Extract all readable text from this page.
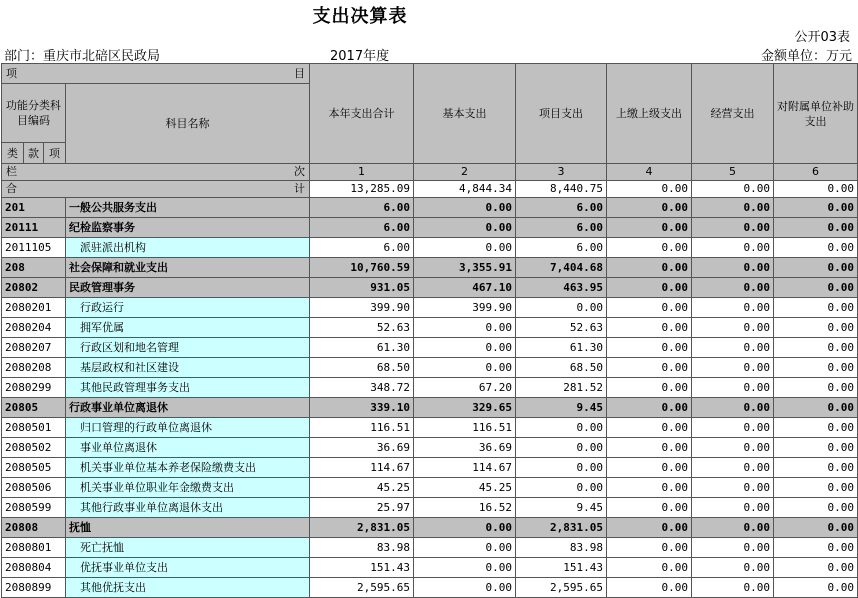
支出决算表
公开03表
部门：重庆市北碚区民政局	2017年度	金额单位：万元
项 目				本年支出合计	基本支出	项目支出	上缴上级支出	经营支出	对附属单位补助支出
功能分类科目编码			科目名称						

类	款	项							

栏 次				1	2	3	4	5	6

合 计				13,285.09	4,844.34	8,440.75	0.00	0.00	0.00
201			一般公共服务支出	6.00	0.00	6.00	0.00	0.00	0.00
20111			纪检监察事务	6.00	0.00	6.00	0.00	0.00	0.00
2011105			派驻派出机构	6.00	0.00	6.00	0.00	0.00	0.00
208			社会保障和就业支出	10,760.59	3,355.91	7,404.68	0.00	0.00	0.00
20802			民政管理事务	931.05	467.10	463.95	0.00	0.00	0.00
2080201			行政运行	399.90	399.90	0.00	0.00	0.00	0.00
2080204			拥军优属	52.63	0.00	52.63	0.00	0.00	0.00
2080207			行政区划和地名管理	61.30	0.00	61.30	0.00	0.00	0.00
2080208			基层政权和社区建设	68.50	0.00	68.50	0.00	0.00	0.00
2080299			其他民政管理事务支出	348.72	67.20	281.52	0.00	0.00	0.00
20805			行政事业单位离退休	339.10	329.65	9.45	0.00	0.00	0.00
2080501			归口管理的行政单位离退休	116.51	116.51	0.00	0.00	0.00	0.00
2080502			事业单位离退休	36.69	36.69	0.00	0.00	0.00	0.00
2080505			机关事业单位基本养老保险缴费支出	114.67	114.67	0.00	0.00	0.00	0.00
2080506			机关事业单位职业年金缴费支出	45.25	45.25	0.00	0.00	0.00	0.00
2080599			其他行政事业单位离退休支出	25.97	16.52	9.45	0.00	0.00	0.00
20808			抚恤	2,831.05	0.00	2,831.05	0.00	0.00	0.00
2080801			死亡抚恤	83.98	0.00	83.98	0.00	0.00	0.00
2080804			优抚事业单位支出	151.43	0.00	151.43	0.00	0.00	0.00
2080899			其他优抚支出	2,595.65	0.00	2,595.65	0.00	0.00	0.00
